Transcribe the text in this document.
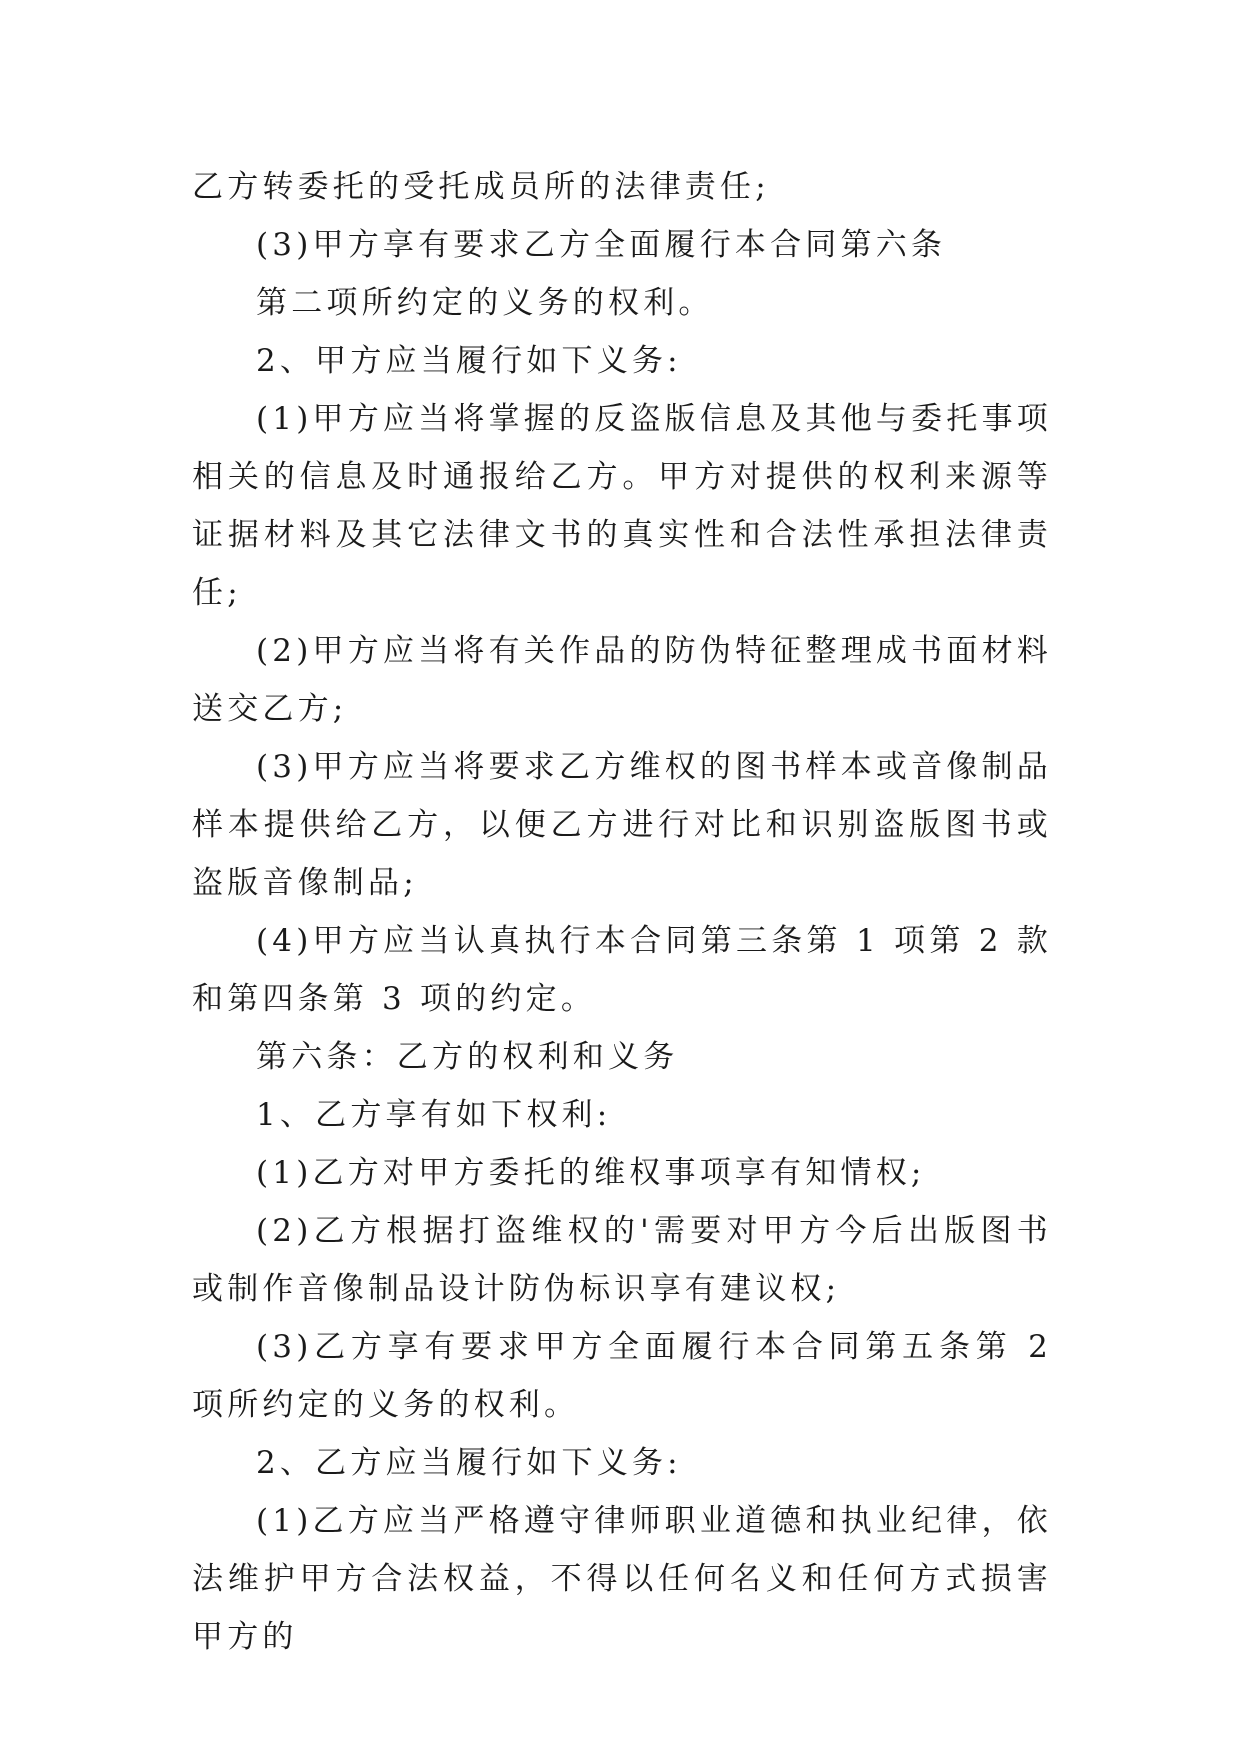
乙方转委托的受托成员所的法律责任;

(3)甲方享有要求乙方全面履行本合同第六条

第二项所约定的义务的权利。

2、甲方应当履行如下义务:

(1)甲方应当将掌握的反盗版信息及其他与委托事项相关的信息及时通报给乙方。甲方对提供的权利来源等证据材料及其它法律文书的真实性和合法性承担法律责任;

(2)甲方应当将有关作品的防伪特征整理成书面材料送交乙方;

(3)甲方应当将要求乙方维权的图书样本或音像制品样本提供给乙方，以便乙方进行对比和识别盗版图书或盗版音像制品;

(4)甲方应当认真执行本合同第三条第 1 项第 2 款和第四条第 3 项的约定。

第六条：乙方的权利和义务

1、乙方享有如下权利:

(1)乙方对甲方委托的维权事项享有知情权;

(2)乙方根据打盗维权的'需要对甲方今后出版图书或制作音像制品设计防伪标识享有建议权;

(3)乙方享有要求甲方全面履行本合同第五条第 2 项所约定的义务的权利。

2、乙方应当履行如下义务:

(1)乙方应当严格遵守律师职业道德和执业纪律，依法维护甲方合法权益，不得以任何名义和任何方式损害甲方的
